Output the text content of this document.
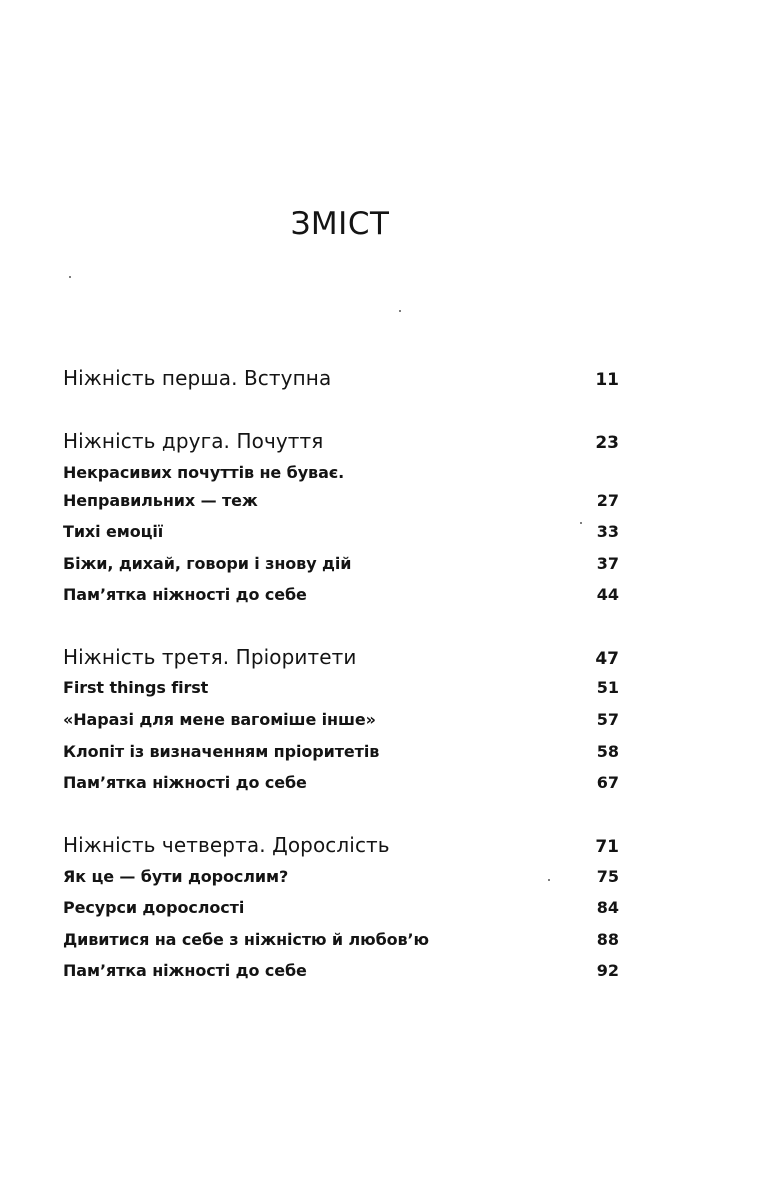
ЗМІСТ
Ніжність перша. Вступна	11
Ніжність друга. Почуття	23
Некрасивих почуттів не буває.
Неправильних — теж	27
Тихі емоції	33
Біжи, дихай, говори і знову дій	37
Пам’ятка ніжності до себе	44
Ніжність третя. Пріоритети	47
First things first	51
«Наразі для мене вагоміше інше»	57
Клопіт із визначенням пріоритетів	58
Пам’ятка ніжності до себе	67
Ніжність четверта. Дорослість	71
Як це — бути дорослим?	75
Ресурси дорослості	84
Дивитися на себе з ніжністю й любов’ю	88
Пам’ятка ніжності до себе	92
